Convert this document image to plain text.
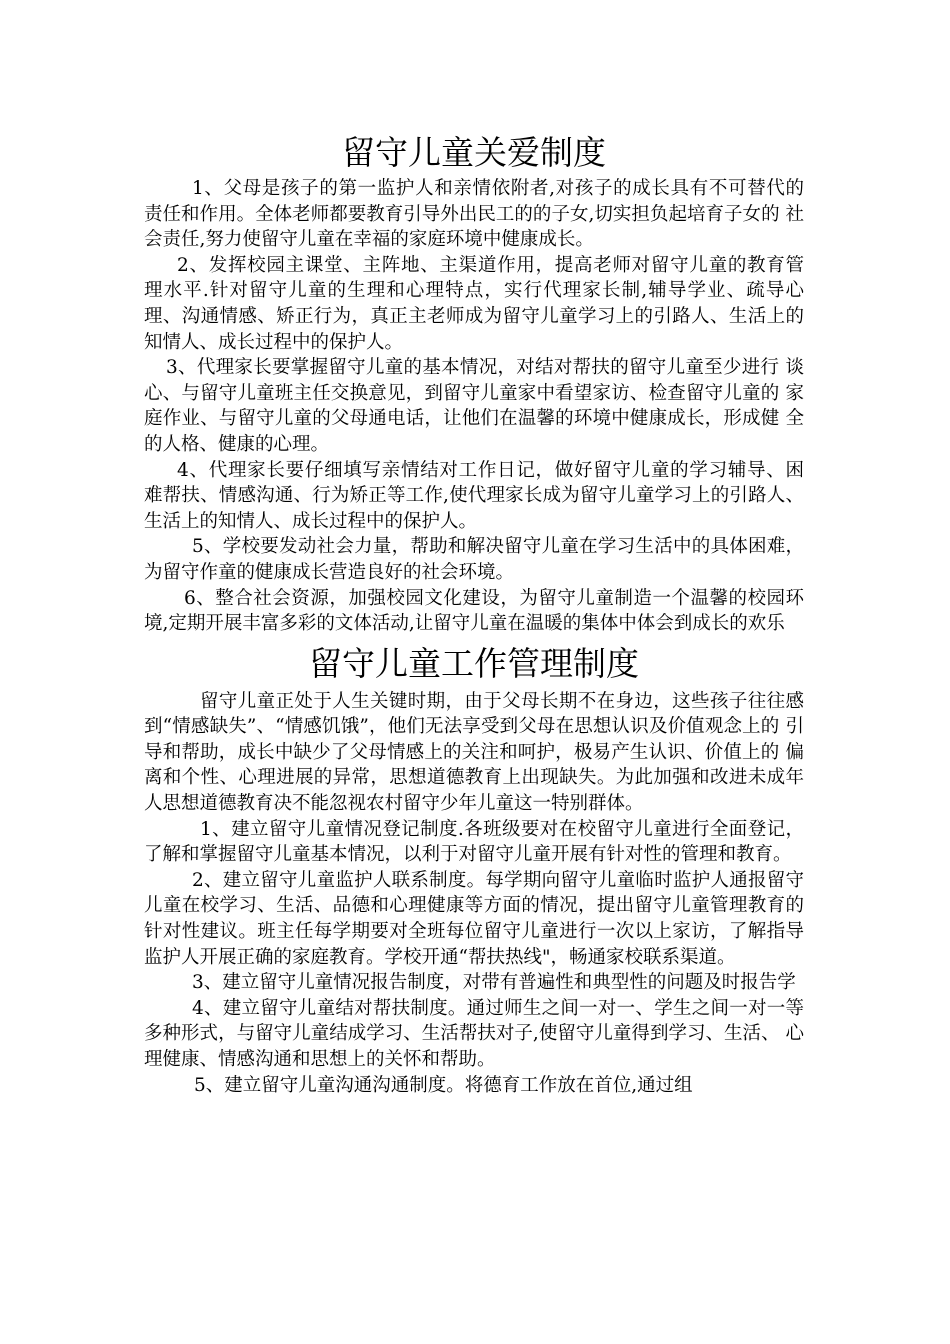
留守儿童关爱制度

1、父母是孩子的第一监护人和亲情依附者,对孩子的成长具有不可替代的 责任和作用。全体老师都要教育引导外出民工的的子女,切实担负起培育子女的 社会责任,努力使留守儿童在幸福的家庭环境中健康成长。

2、发挥校园主课堂、主阵地、主渠道作用，提高老师对留守儿童的教育管 理水平.针对留守儿童的生理和心理特点，实行代理家长制,辅导学业、疏导心 理、沟通情感、矫正行为，真正主老师成为留守儿童学习上的引路人、生活上的 知情人、成长过程中的保护人。

3、代理家长要掌握留守儿童的基本情况，对结对帮扶的留守儿童至少进行 谈心、与留守儿童班主任交换意见，到留守儿童家中看望家访、检查留守儿童的 家庭作业、与留守儿童的父母通电话，让他们在温馨的环境中健康成长，形成健 全的人格、健康的心理。

4、代理家长要仔细填写亲情结对工作日记，做好留守儿童的学习辅导、困 难帮扶、情感沟通、行为矫正等工作,使代理家长成为留守儿童学习上的引路人、 生活上的知情人、成长过程中的保护人。

5、学校要发动社会力量，帮助和解决留守儿童在学习生活中的具体困难， 为留守作童的健康成长营造良好的社会环境。

6、整合社会资源，加强校园文化建设，为留守儿童制造一个温馨的校园环 境,定期开展丰富多彩的文体活动,让留守儿童在温暖的集体中体会到成长的欢乐

留守儿童工作管理制度

留守儿童正处于人生关键时期，由于父母长期不在身边，这些孩子往往感 到“情感缺失”、“情感饥饿”，他们无法享受到父母在思想认识及价值观念上的 引导和帮助，成长中缺少了父母情感上的关注和呵护，极易产生认识、价值上的 偏离和个性、心理进展的异常，思想道德教育上出现缺失。为此加强和改进未成年人思想道德教育决不能忽视农村留守少年儿童这一特别群体。

1、建立留守儿童情况登记制度.各班级要对在校留守儿童进行全面登记， 了解和掌握留守儿童基本情况，以利于对留守儿童开展有针对性的管理和教育。

2、建立留守儿童监护人联系制度。每学期向留守儿童临时监护人通报留守 儿童在校学习、生活、品德和心理健康等方面的情况，提出留守儿童管理教育的 针对性建议。班主任每学期要对全班每位留守儿童进行一次以上家访，了解指导 监护人开展正确的家庭教育。学校开通“帮扶热线"，畅通家校联系渠道。

3、建立留守儿童情况报告制度，对带有普遍性和典型性的问题及时报告学

4、建立留守儿童结对帮扶制度。通过师生之间一对一、学生之间一对一等多种形式，与留守儿童结成学习、生活帮扶对子,使留守儿童得到学习、生活、 心理健康、情感沟通和思想上的关怀和帮助。

5、建立留守儿童沟通沟通制度。将德育工作放在首位,通过组
